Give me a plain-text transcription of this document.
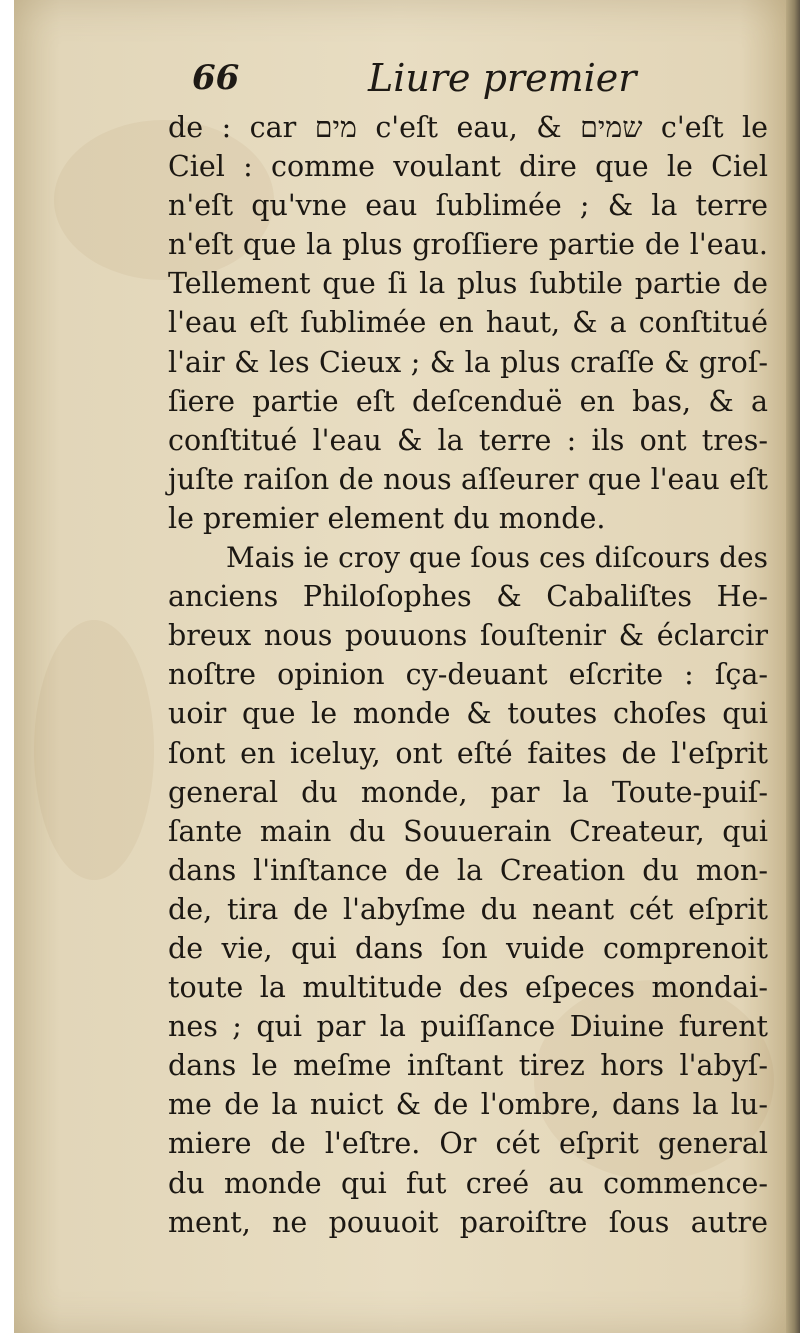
66	Liure premier
de : car מים c'eſt eau, & שמים c'eſt le
Ciel : comme voulant dire que le Ciel
n'eſt qu'vne eau ſublimée ; & la terre
n'eſt que la plus groſſiere partie de l'eau.
Tellement que ſi la plus ſubtile partie de
l'eau eſt ſublimée en haut, & a conſtitué
l'air & les Cieux ; & la plus craſſe & groſ-
ſiere partie eſt deſcenduë en bas, & a
conſtitué l'eau & la terre : ils ont tres-
juſte raiſon de nous aſſeurer que l'eau eſt
le premier element du monde.
Mais ie croy que ſous ces diſcours des
anciens Philoſophes & Cabaliſtes He-
breux nous pouuons ſouſtenir & éclarcir
noſtre opinion cy-deuant eſcrite : ſça-
uoir que le monde & toutes choſes qui
ſont en iceluy, ont eſté faites de l'eſprit
general du monde, par la Toute-puiſ-
ſante main du Souuerain Createur, qui
dans l'inſtance de la Creation du mon-
de, tira de l'abyſme du neant cét eſprit
de vie, qui dans ſon vuide comprenoit
toute la multitude des eſpeces mondai-
nes ; qui par la puiſſance Diuine furent
dans le meſme inſtant tirez hors l'abyſ-
me de la nuict & de l'ombre, dans la lu-
miere de l'eſtre. Or cét eſprit general
du monde qui fut creé au commence-
ment, ne pouuoit paroiſtre ſous autre
